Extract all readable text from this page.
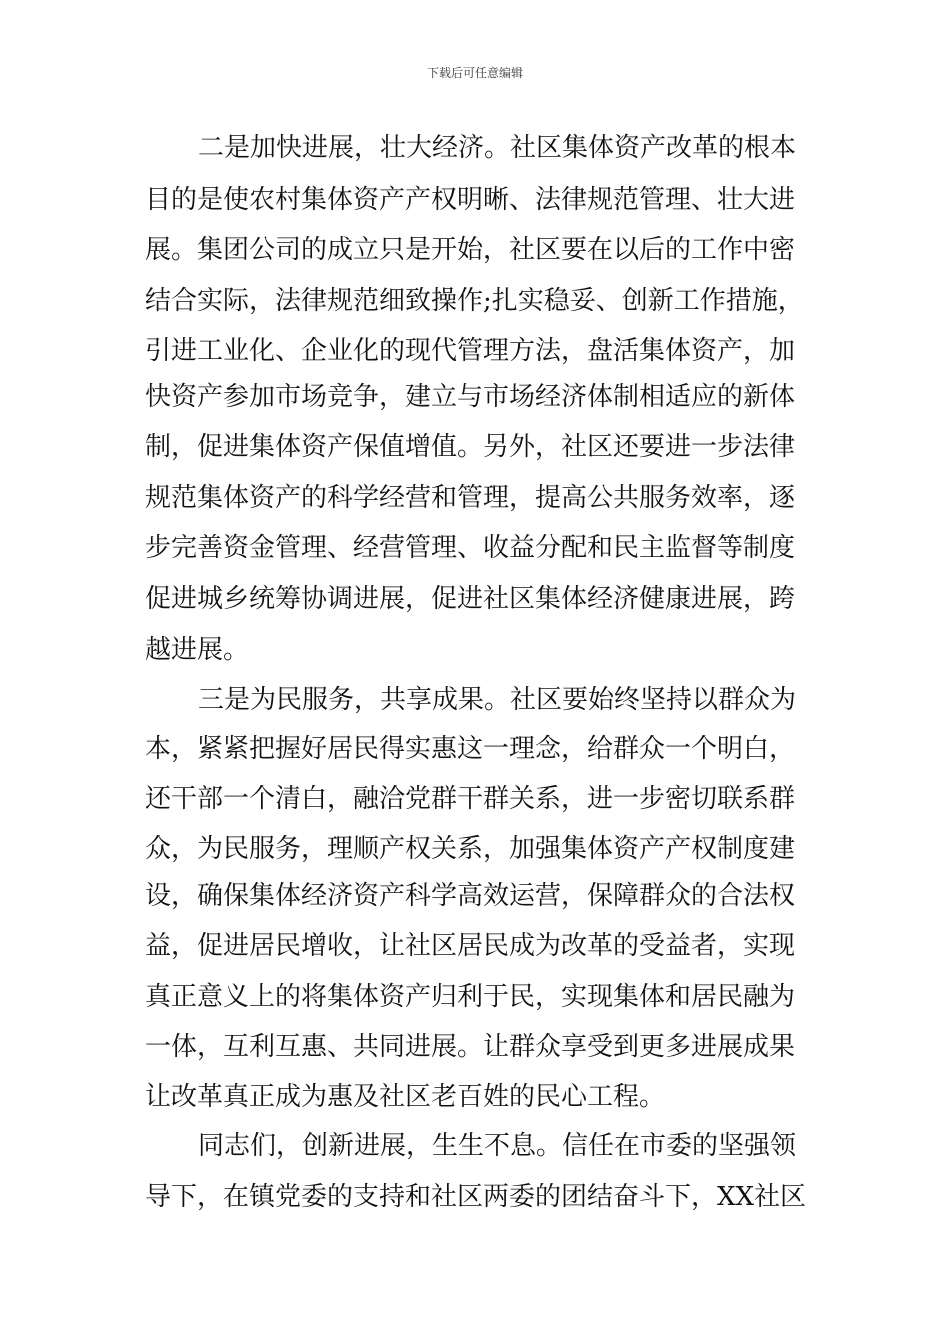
下载后可任意编辑
二是加快进展，壮大经济。社区集体资产改革的根本
目的是使农村集体资产产权明晰、法律规范管理、壮大进
展。集团公司的成立只是开始，社区要在以后的工作中密
结合实际，法律规范细致操作;扎实稳妥、创新工作措施，
引进工业化、企业化的现代管理方法，盘活集体资产，加
快资产参加市场竞争，建立与市场经济体制相适应的新体
制，促进集体资产保值增值。另外，社区还要进一步法律
规范集体资产的科学经营和管理，提高公共服务效率，逐
步完善资金管理、经营管理、收益分配和民主监督等制度
促进城乡统筹协调进展，促进社区集体经济健康进展，跨
越进展。
三是为民服务，共享成果。社区要始终坚持以群众为
本，紧紧把握好居民得实惠这一理念，给群众一个明白，
还干部一个清白，融洽党群干群关系，进一步密切联系群
众，为民服务，理顺产权关系，加强集体资产产权制度建
设，确保集体经济资产科学高效运营，保障群众的合法权
益，促进居民增收，让社区居民成为改革的受益者，实现
真正意义上的将集体资产归利于民，实现集体和居民融为
一体，互利互惠、共同进展。让群众享受到更多进展成果
让改革真正成为惠及社区老百姓的民心工程。
同志们，创新进展，生生不息。信任在市委的坚强领
导下，在镇党委的支持和社区两委的团结奋斗下，XX社区
